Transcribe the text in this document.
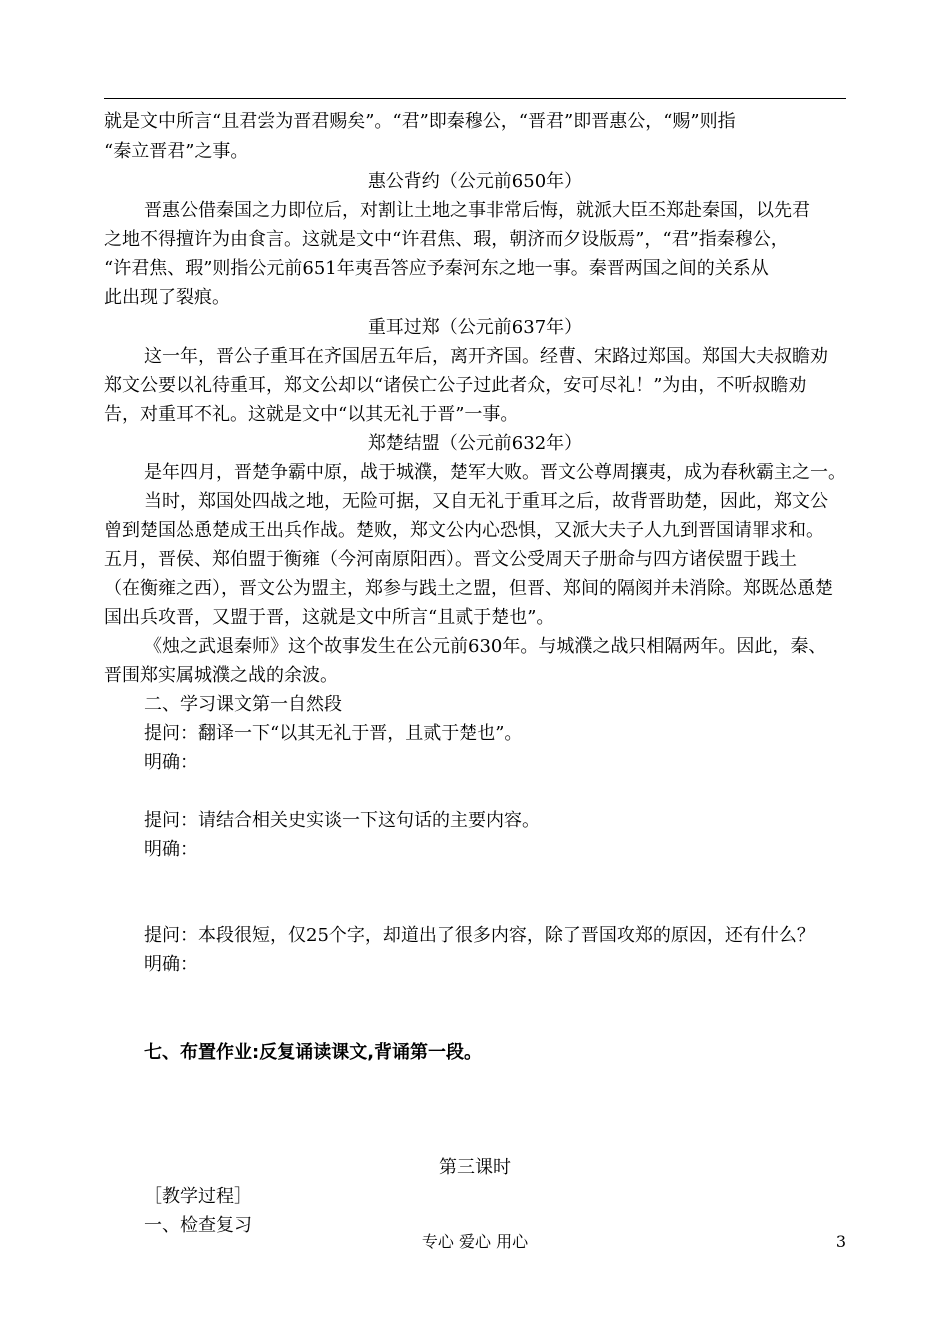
就是文中所言“且君尝为晋君赐矣”。“君”即秦穆公，“晋君”即晋惠公，“赐”则指
“秦立晋君”之事。
惠公背约（公元前650年）
晋惠公借秦国之力即位后，对割让土地之事非常后悔，就派大臣丕郑赴秦国，以先君
之地不得擅许为由食言。这就是文中“许君焦、瑕，朝济而夕设版焉”，“君”指秦穆公，
“许君焦、瑕”则指公元前651年夷吾答应予秦河东之地一事。秦晋两国之间的关系从
此出现了裂痕。
重耳过郑（公元前637年）
这一年，晋公子重耳在齐国居五年后，离开齐国。经曹、宋路过郑国。郑国大夫叔瞻劝
郑文公要以礼待重耳，郑文公却以“诸侯亡公子过此者众，安可尽礼！”为由，不听叔瞻劝
告，对重耳不礼。这就是文中“以其无礼于晋”一事。
郑楚结盟（公元前632年）
是年四月，晋楚争霸中原，战于城濮，楚军大败。晋文公尊周攘夷，成为春秋霸主之一。
当时，郑国处四战之地，无险可据，又自无礼于重耳之后，故背晋助楚，因此，郑文公
曾到楚国怂恿楚成王出兵作战。楚败，郑文公内心恐惧，又派大夫子人九到晋国请罪求和。
五月，晋侯、郑伯盟于衡雍（今河南原阳西）。晋文公受周天子册命与四方诸侯盟于践土
（在衡雍之西），晋文公为盟主，郑参与践土之盟，但晋、郑间的隔阂并未消除。郑既怂恿楚
国出兵攻晋，又盟于晋，这就是文中所言“且贰于楚也”。
《烛之武退秦师》这个故事发生在公元前630年。与城濮之战只相隔两年。因此，秦、
晋围郑实属城濮之战的余波。
二、学习课文第一自然段
提问：翻译一下“以其无礼于晋，且贰于楚也”。
明确：
提问：请结合相关史实谈一下这句话的主要内容。
明确：
提问：本段很短，仅25个字，却道出了很多内容，除了晋国攻郑的原因，还有什么？
明确：
七、布置作业:反复诵读课文,背诵第一段。
第三课时
［教学过程］
一、检查复习
专心 爱心 用心	3
